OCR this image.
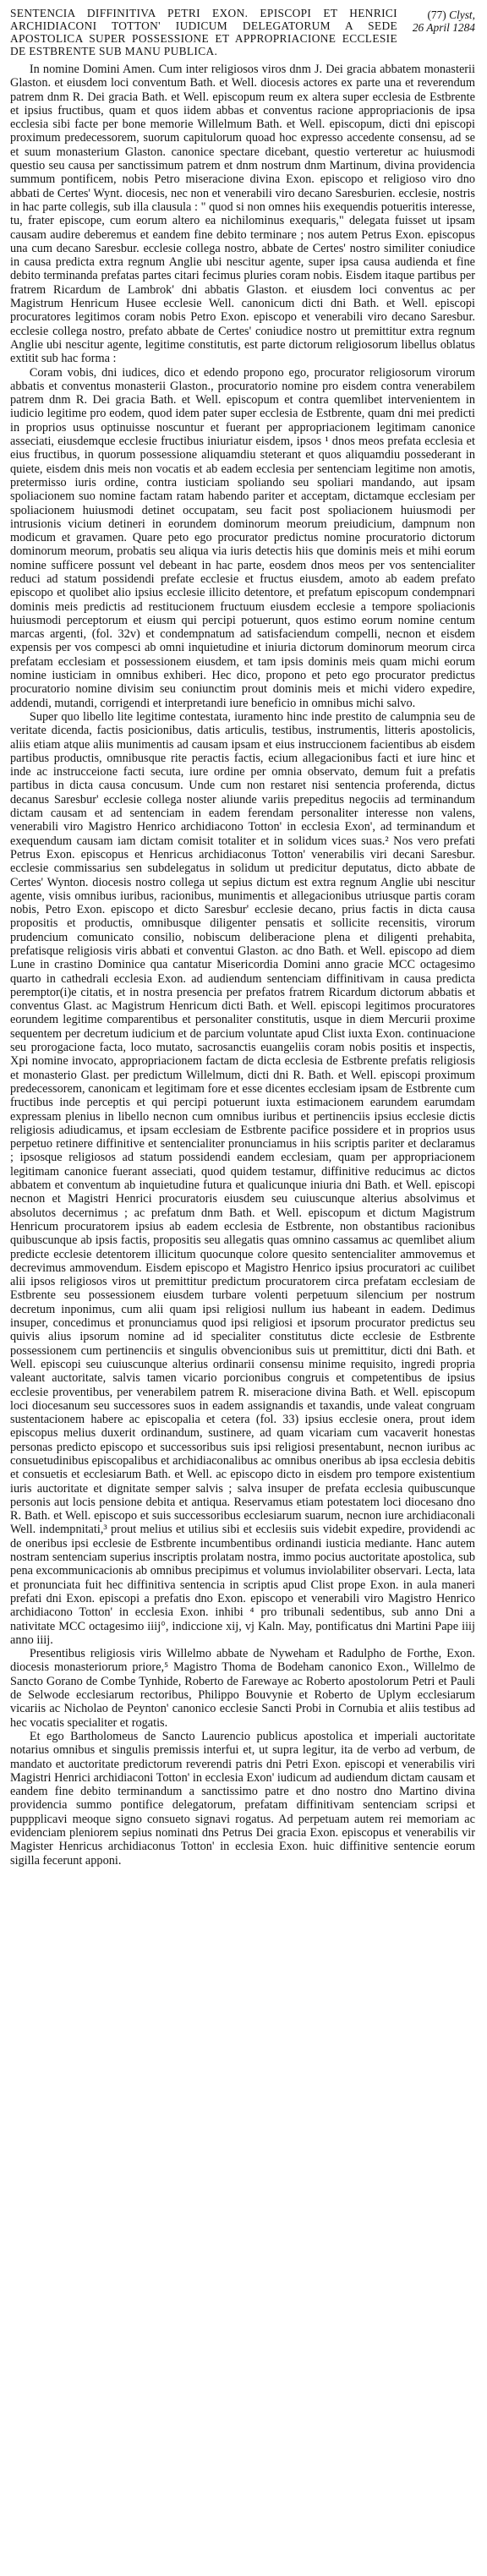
SENTENCIA DIFFINITIVA PETRI EXON. EPISCOPI ET HENRICI ARCHIDIACONI TOTTON' IUDICUM DELEGATORUM A SEDE APOSTOLICA SUPER POSSESSIONE ET APPROPRIACIONE ECCLESIE DE ESTBRENTE SUB MANU PUBLICA.
(77) Clyst,
26 April 1284

In nomine Domini Amen. Cum inter religiosos viros dnm J. Dei gracia abbatem monasterii Glaston. et eiusdem loci conventum Bath. et Well. diocesis actores ex parte una et reverendum patrem dnm R. Dei gracia Bath. et Well. episcopum reum ex altera super ecclesia de Estbrente et ipsius fructibus, quam et quos iidem abbas et conventus racione appropriacionis de ipsa ecclesia sibi facte per bone memorie Willelmum Bath. et Well. episcopum, dicti dni episcopi proximum predecessorem, suorum capitulorum quoad hoc expresso accedente consensu, ad se et suum monasterium Glaston. canonice spectare dicebant, questio verteretur ac huiusmodi questio seu causa per sanctissimum patrem et dnm nostrum dnm Martinum, divina providencia summum pontificem, nobis Petro miseracione divina Exon. episcopo et religioso viro dno abbati de Certes' Wynt. diocesis, nec non et venerabili viro decano Saresburien. ecclesie, nostris in hac parte collegis, sub illa clausula : " quod si non omnes hiis exequendis potueritis interesse, tu, frater episcope, cum eorum altero ea nichilominus exequaris," delegata fuisset ut ipsam causam audire deberemus et eandem fine debito terminare ; nos autem Petrus Exon. episcopus una cum decano Saresbur. ecclesie collega nostro, abbate de Certes' nostro similiter coniudice in causa predicta extra regnum Anglie ubi nescitur agente, super ipsa causa audienda et fine debito terminanda prefatas partes citari fecimus pluries coram nobis. Eisdem itaque partibus per fratrem Ricardum de Lambrok' dni abbatis Glaston. et eiusdem loci conventus ac per Magistrum Henricum Husee ecclesie Well. canonicum dicti dni Bath. et Well. episcopi procuratores legitimos coram nobis Petro Exon. episcopo et venerabili viro decano Saresbur. ecclesie collega nostro, prefato abbate de Certes' coniudice nostro ut premittitur extra regnum Anglie ubi nescitur agente, legitime constitutis, est parte dictorum religiosorum libellus oblatus extitit sub hac forma :

Coram vobis, dni iudices, dico et edendo propono ego, procurator religiosorum virorum abbatis et conventus monasterii Glaston., procuratorio nomine pro eisdem contra venerabilem patrem dnm R. Dei gracia Bath. et Well. episcopum et contra quemlibet intervenientem in iudicio legitime pro eodem, quod idem pater super ecclesia de Estbrente, quam dni mei predicti in proprios usus optinuisse noscuntur et fuerant per appropriacionem legitimam canonice asseciati, eiusdemque ecclesie fructibus iniuriatur eisdem, ipsos ¹ dnos meos prefata ecclesia et eius fructibus, in quorum possessione aliquamdiu steterant et quos aliquamdiu possederant in quiete, eisdem dnis meis non vocatis et ab eadem ecclesia per sentenciam legitime non amotis, pretermisso iuris ordine, contra iusticiam spoliando seu spoliari mandando, aut ipsam spoliacionem suo nomine factam ratam habendo pariter et acceptam, dictamque ecclesiam per spoliacionem huiusmodi detinet occupatam, seu facit post spoliacionem huiusmodi per intrusionis vicium detineri in eorundem dominorum meorum preiudicium, dampnum non modicum et gravamen. Quare peto ego procurator predictus nomine procuratorio dictorum dominorum meorum, probatis seu aliqua via iuris detectis hiis que dominis meis et mihi eorum nomine sufficere possunt vel debeant in hac parte, eosdem dnos meos per vos sentencialiter reduci ad statum possidendi prefate ecclesie et fructus eiusdem, amoto ab eadem prefato episcopo et quolibet alio ipsius ecclesie illicito detentore, et prefatum episcopum condempnari dominis meis predictis ad restitucionem fructuum eiusdem ecclesie a tempore spoliacionis huiusmodi perceptorum et eiusm qui percipi potuerunt, quos estimo eorum nomine centum marcas argenti, (fol. 32v) et condempnatum ad satisfaciendum compelli, necnon et eisdem expensis per vos compesci ab omni inquietudine et iniuria dictorum dominorum meorum circa prefatam ecclesiam et possessionem eiusdem, et tam ipsis dominis meis quam michi eorum nomine iusticiam in omnibus exhiberi. Hec dico, propono et peto ego procurator predictus procuratorio nomine divisim seu coniunctim prout dominis meis et michi videro expedire, addendi, mutandi, corrigendi et interpretandi iure beneficio in omnibus michi salvo.

Super quo libello lite legitime contestata, iuramento hinc inde prestito de calumpnia seu de veritate dicenda, factis posicionibus, datis articulis, testibus, instrumentis, litteris apostolicis, aliis etiam atque aliis munimentis ad causam ipsam et eius instruccionem facientibus ab eisdem partibus productis, omnibusque rite peractis factis, ecium allegacionibus facti et iure hinc et inde ac instrucceione facti secuta, iure ordine per omnia observato, demum fuit a prefatis partibus in dicta causa concusum. Unde cum non restaret nisi sentencia proferenda, dictus decanus Saresbur' ecclesie collega noster aliunde variis prepeditus negociis ad terminandum dictam causam et ad sentenciam in eadem ferendam personaliter interesse non valens, venerabili viro Magistro Henrico archidiacono Totton' in ecclesia Exon', ad terminandum et exequendum causam iam dictam comisit totaliter et in solidum vices suas.² Nos vero prefati Petrus Exon. episcopus et Henricus archidiaconus Totton' venerabilis viri decani Saresbur. ecclesie commissarius sen subdelegatus in solidum ut predicitur deputatus, dicto abbate de Certes' Wynton. diocesis nostro collega ut sepius dictum est extra regnum Anglie ubi nescitur agente, visis omnibus iuribus, racionibus, munimentis et allegacionibus utriusque partis coram nobis, Petro Exon. episcopo et dicto Saresbur' ecclesie decano, prius factis in dicta causa propositis et productis, omnibusque diligenter pensatis et sollicite recensitis, virorum prudencium comunicato consilio, nobiscum deliberacione plena et diligenti prehabita, prefatisque religiosis viris abbati et conventui Glaston. ac dno Bath. et Well. episcopo ad diem Lune in crastino Dominice qua cantatur Misericordia Domini anno gracie MCC octagesimo quarto in cathedrali ecclesia Exon. ad audiendum sentenciam diffinitivam in causa predicta peremptor(i)e citatis, et in nostra presencia per prefatos fratrem Ricardum dictorum abbatis et conventus Glast. ac Magistrum Henricum dicti Bath. et Well. episcopi legitimos procuratores eorundem legitime comparentibus et personaliter constitutis, usque in diem Mercurii proxime sequentem per decretum iudicium et de parcium voluntate apud Clist iuxta Exon. continuacione seu prorogacione facta, loco mutato, sacrosanctis euangeliis coram nobis positis et inspectis, Xpi nomine invocato, appropriacionem factam de dicta ecclesia de Estbrente prefatis religiosis et monasterio Glast. per predictum Willelmum, dicti dni R. Bath. et Well. episcopi proximum predecessorem, canonicam et legitimam fore et esse dicentes ecclesiam ipsam de Estbrente cum fructibus inde perceptis et qui percipi potuerunt iuxta estimacionem earundem earumdam expressam plenius in libello necnon cum omnibus iuribus et pertinenciis ipsius ecclesie dictis religiosis adiudicamus, et ipsam ecclesiam de Estbrente pacifice possidere et in proprios usus perpetuo retinere diffinitive et sentencialiter pronunciamus in hiis scriptis pariter et declaramus ; ipsosque religiosos ad statum possidendi eandem ecclesiam, quam per appropriacionem legitimam canonice fuerant asseciati, quod quidem testamur, diffinitive reducimus ac dictos abbatem et conventum ab inquietudine futura et qualicunque iniuria dni Bath. et Well. episcopi necnon et Magistri Henrici procuratoris eiusdem seu cuiuscunque alterius absolvimus et absolutos decernimus ; ac prefatum dnm Bath. et Well. episcopum et dictum Magistrum Henricum procuratorem ipsius ab eadem ecclesia de Estbrente, non obstantibus racionibus quibuscunque ab ipsis factis, propositis seu allegatis quas omnino cassamus ac quemlibet alium predicte ecclesie detentorem illicitum quocunque colore quesito sentencialiter ammovemus et decrevimus ammovendum. Eisdem episcopo et Magistro Henrico ipsius procuratori ac cuilibet alii ipsos religiosos viros ut premittitur predictum procuratorem circa prefatam ecclesiam de Estbrente seu possessionem eiusdem turbare volenti perpetuum silencium per nostrum decretum inponimus, cum alii quam ipsi religiosi nullum ius habeant in eadem. Dedimus insuper, concedimus et pronunciamus quod ipsi religiosi et ipsorum procurator predictus seu quivis alius ipsorum nomine ad id specialiter constitutus dicte ecclesie de Estbrente possessionem cum pertinenciis et singulis obvencionibus suis ut premittitur, dicti dni Bath. et Well. episcopi seu cuiuscunque alterius ordinarii consensu minime requisito, ingredi propria valeant auctoritate, salvis tamen vicario porcionibus congruis et competentibus de ipsius ecclesie proventibus, per venerabilem patrem R. miseracione divina Bath. et Well. episcopum loci diocesanum seu successores suos in eadem assignandis et taxandis, unde valeat congruam sustentacionem habere ac episcopalia et cetera (fol. 33) ipsius ecclesie onera, prout idem episcopus melius duxerit ordinandum, sustinere, ad quam vicariam cum vacaverit honestas personas predicto episcopo et successoribus suis ipsi religiosi presentabunt, necnon iuribus ac consuetudinibus episcopalibus et archidiaconalibus ac omnibus oneribus ab ipsa ecclesia debitis et consuetis et ecclesiarum Bath. et Well. ac episcopo dicto in eisdem pro tempore existentium iuris auctoritate et dignitate semper salvis ; salva insuper de prefata ecclesia quibuscunque personis aut locis pensione debita et antiqua. Reservamus etiam potestatem loci diocesano dno R. Bath. et Well. episcopo et suis successoribus ecclesiarum suarum, necnon iure archidiaconali Well. indempnitati,³ prout melius et utilius sibi et ecclesiis suis videbit expedire, providendi ac de oneribus ipsi ecclesie de Estbrente incumbentibus ordinandi iusticia mediante. Hanc autem nostram sentenciam superius inscriptis prolatam nostra, immo pocius auctoritate apostolica, sub pena excommunicacionis ab omnibus precipimus et volumus inviolabiliter observari. Lecta, lata et pronunciata fuit hec diffinitiva sentencia in scriptis apud Clist prope Exon. in aula maneri prefati dni Exon. episcopi a prefatis dno Exon. episcopo et venerabili viro Magistro Henrico archidiacono Totton' in ecclesia Exon. inhibi ⁴ pro tribunali sedentibus, sub anno Dni a nativitate MCC octagesimo iiij°, indiccione xij, vj Kaln. May, pontificatus dni Martini Pape iiij anno iiij.

Presentibus religiosis viris Willelmo abbate de Nyweham et Radulpho de Forthe, Exon. diocesis monasteriorum priore,⁵ Magistro Thoma de Bodeham canonico Exon., Willelmo de Sancto Gorano de Combe Tynhide, Roberto de Farewaye ac Roberto apostolorum Petri et Pauli de Selwode ecclesiarum rectoribus, Philippo Bouvynie et Roberto de Uplym ecclesiarum vicariis ac Nicholao de Peynton' canonico ecclesie Sancti Probi in Cornubia et aliis testibus ad hec vocatis specialiter et rogatis.

Et ego Bartholomeus de Sancto Laurencio publicus apostolica et imperiali auctoritate notarius omnibus et singulis premissis interfui et, ut supra legitur, ita de verbo ad verbum, de mandato et auctoritate predictorum reverendi patris dni Petri Exon. episcopi et venerabilis viri Magistri Henrici archidiaconi Totton' in ecclesia Exon' iudicum ad audiendum dictam causam et eandem fine debito terminandum a sanctissimo patre et dno nostro dno Martino divina providencia summo pontifice delegatorum, prefatam diffinitivam sentenciam scripsi et puppplicavi meoque signo consueto signavi rogatus. Ad perpetuam autem rei memoriam ac evidenciam pleniorem sepius nominati dns Petrus Dei gracia Exon. episcopus et venerabilis vir Magister Henricus archidiaconus Totton' in ecclesia Exon. huic diffinitive sentencie eorum sigilla fecerunt apponi.
